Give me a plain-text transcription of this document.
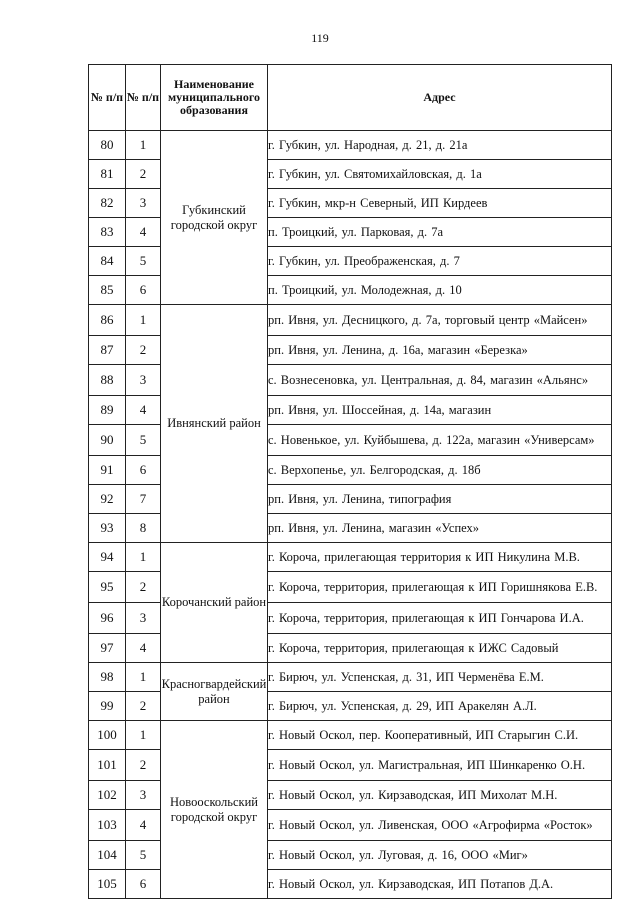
119
№ п/п	№ п/п	Наименование муниципального образования	Адрес
80	1	Губкинский городской округ	г. Губкин, ул. Народная, д. 21, д. 21а
81	2		г. Губкин, ул. Святомихайловская, д. 1а
82	3		г. Губкин, мкр-н Северный, ИП Кирдеев
83	4		п. Троицкий, ул. Парковая, д. 7а
84	5		г. Губкин, ул. Преображенская, д. 7
85	6		п. Троицкий, ул. Молодежная, д. 10
86	1	Ивнянский район	рп. Ивня, ул. Десницкого, д. 7а, торговый центр «Майсен»
87	2		рп. Ивня, ул. Ленина, д. 16а, магазин «Березка»
88	3		с. Вознесеновка, ул. Центральная, д. 84, магазин «Альянс»
89	4		рп. Ивня, ул. Шоссейная, д. 14а, магазин
90	5		с. Новенькое, ул. Куйбышева, д. 122а, магазин «Универсам»
91	6		с. Верхопенье, ул. Белгородская, д. 18б
92	7		рп. Ивня, ул. Ленина, типография
93	8		рп. Ивня, ул. Ленина, магазин «Успех»
94	1	Корочанский район	г. Короча, прилегающая территория к ИП Никулина М.В.
95	2		г. Короча, территория, прилегающая к ИП Горишнякова Е.В.
96	3		г. Короча, территория, прилегающая к ИП Гончарова И.А.
97	4		г. Короча, территория, прилегающая к ИЖС Садовый
98	1	Красногвардейский район	г. Бирюч, ул. Успенская, д. 31, ИП Черменёва Е.М.
99	2		г. Бирюч, ул. Успенская, д. 29, ИП Аракелян А.Л.
100	1	Новооскольский городской округ	г. Новый Оскол, пер. Кооперативный, ИП Старыгин С.И.
101	2		г. Новый Оскол, ул. Магистральная, ИП Шинкаренко О.Н.
102	3		г. Новый Оскол, ул. Кирзаводская, ИП Михолат М.Н.
103	4		г. Новый Оскол, ул. Ливенская, ООО «Агрофирма «Росток»
104	5		г. Новый Оскол, ул. Луговая, д. 16, ООО «Миг»
105	6		г. Новый Оскол, ул. Кирзаводская, ИП Потапов Д.А.
